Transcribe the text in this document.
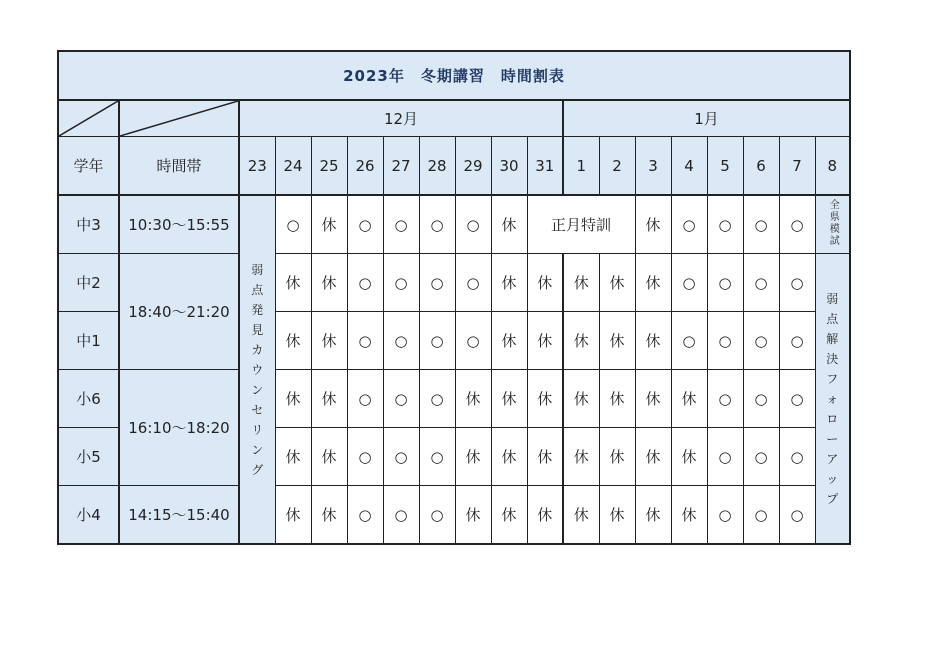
2023年　冬期講習　時間割表																		

	12月									1月							
学年	時間帯	23	24	25	26	27	28	29	30	31	1	2	3	4	5	6	7	8
中3	10:30～15:55	弱点発見カウンセリング	○	休	○	○	○	○	休	正月特訓			休	○	○	○	○	全県模試
中2	18:40～21:20		休	休	○	○	○	○	休	休	休	休	休	○	○	○	○	弱点解決フォローアップ
中1			休	休	○	○	○	○	休	休	休	休	休	○	○	○	○	
小6	16:10～18:20		休	休	○	○	○	休	休	休	休	休	休	休	○	○	○	
小5			休	休	○	○	○	休	休	休	休	休	休	休	○	○	○	
小4	14:15～15:40		休	休	○	○	○	休	休	休	休	休	休	休	○	○	○	
